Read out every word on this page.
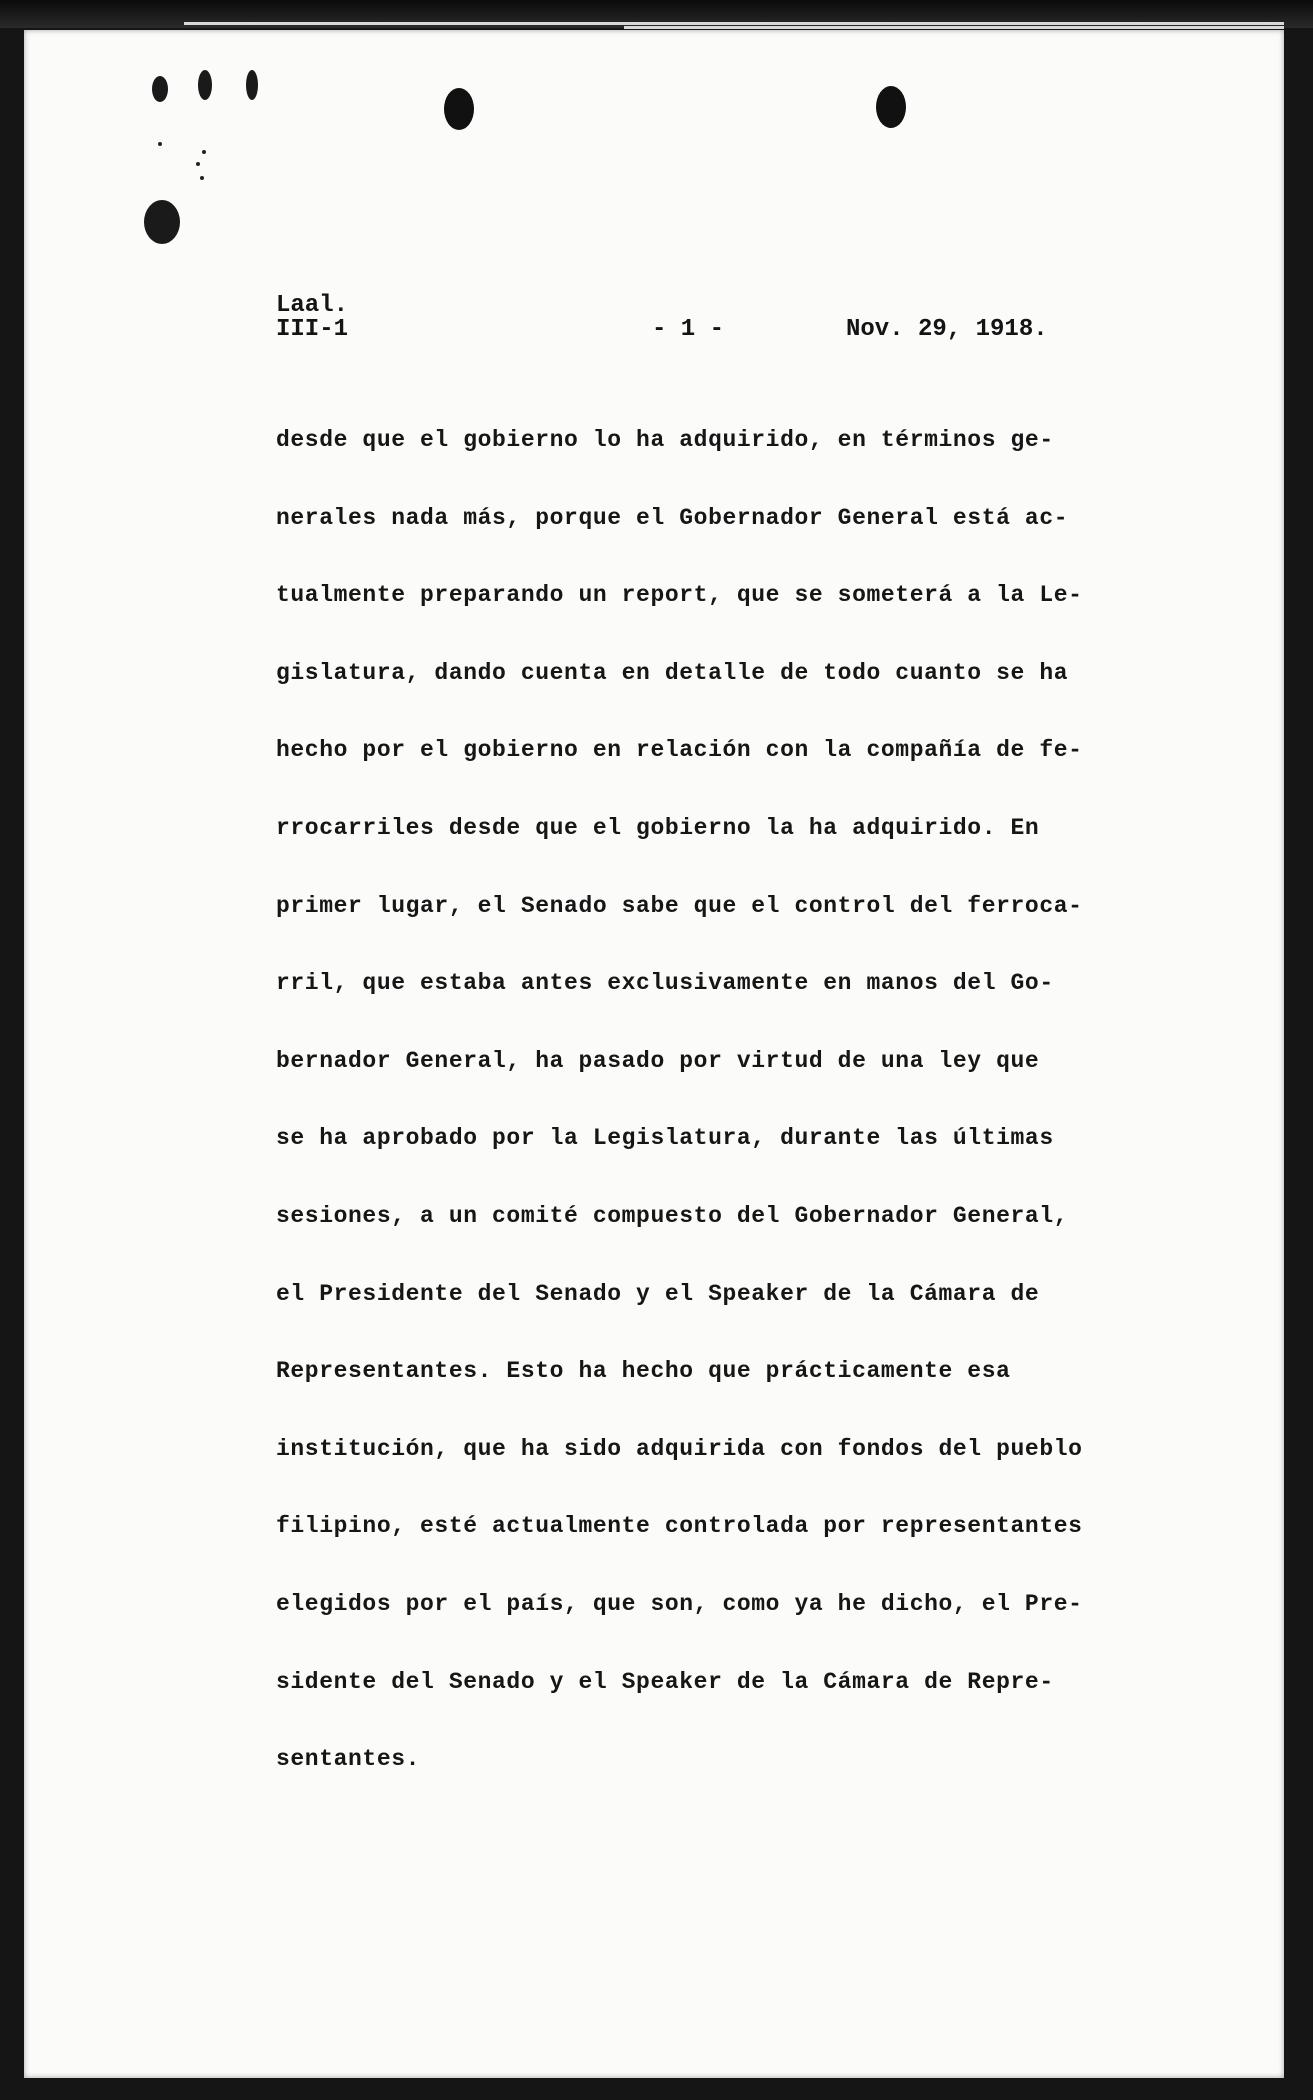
Laal.
III-1	- 1 -	Nov. 29, 1918.
desde que el gobierno lo ha adquirido, en términos ge-
nerales nada más, porque el Gobernador General está ac-
tualmente preparando un report, que se someterá a la Le-
gislatura, dando cuenta en detalle de todo cuanto se ha
hecho por el gobierno en relación con la compañía de fe-
rrocarriles desde que el gobierno la ha adquirido. En
primer lugar, el Senado sabe que el control del ferroca-
rril, que estaba antes exclusivamente en manos del Go-
bernador General, ha pasado por virtud de una ley que
se ha aprobado por la Legislatura, durante las últimas
sesiones, a un comité compuesto del Gobernador General,
el Presidente del Senado y el Speaker de la Cámara de
Representantes. Esto ha hecho que prácticamente esa
institución, que ha sido adquirida con fondos del pueblo
filipino, esté actualmente controlada por representantes
elegidos por el país, que son, como ya he dicho, el Pre-
sidente del Senado y el Speaker de la Cámara de Repre-
sentantes.
